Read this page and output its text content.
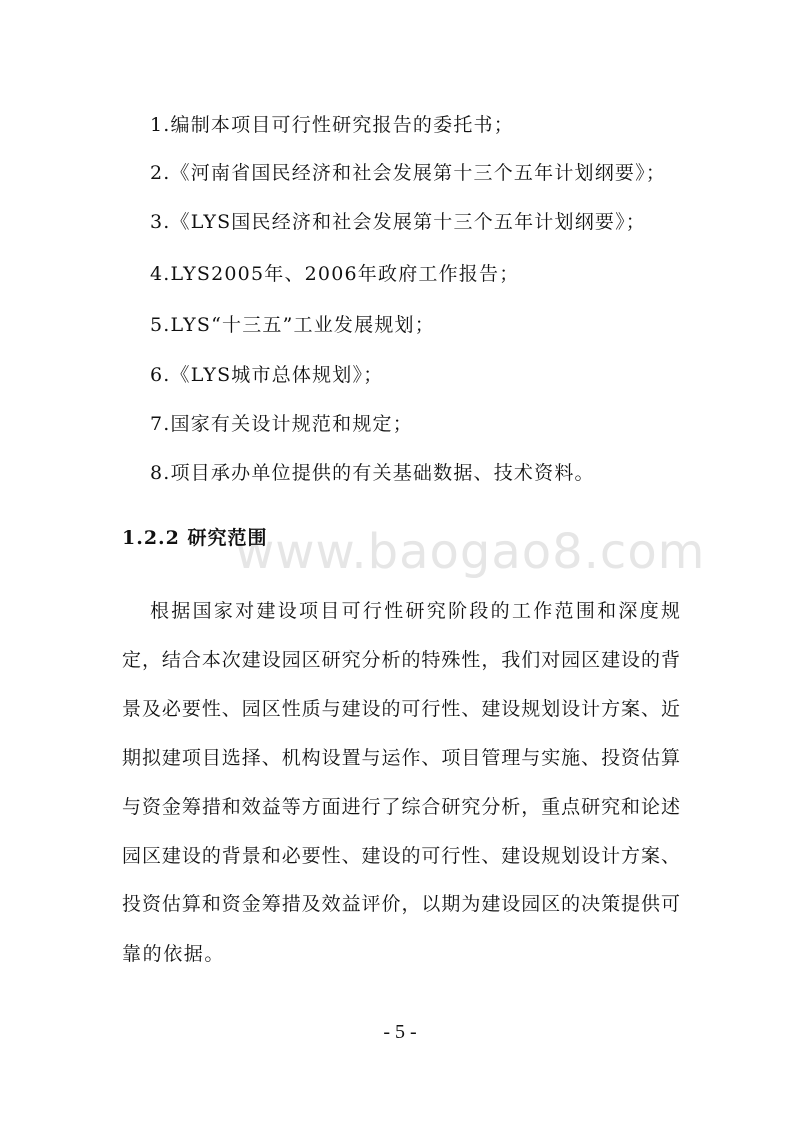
1.编制本项目可行性研究报告的委托书；
2.《河南省国民经济和社会发展第十三个五年计划纲要》；
3.《LYS国民经济和社会发展第十三个五年计划纲要》；
4.LYS2005年、2006年政府工作报告；
5.LYS“十三五”工业发展规划；
6.《LYS城市总体规划》；
7.国家有关设计规范和规定；
8.项目承办单位提供的有关基础数据、技术资料。
www.baogao8.com
1.2.2 研究范围
根据国家对建设项目可行性研究阶段的工作范围和深度规
定，结合本次建设园区研究分析的特殊性，我们对园区建设的背
景及必要性、园区性质与建设的可行性、建设规划设计方案、近
期拟建项目选择、机构设置与运作、项目管理与实施、投资估算
与资金筹措和效益等方面进行了综合研究分析，重点研究和论述
园区建设的背景和必要性、建设的可行性、建设规划设计方案、
投资估算和资金筹措及效益评价，以期为建设园区的决策提供可
靠的依据。
- 5 -
